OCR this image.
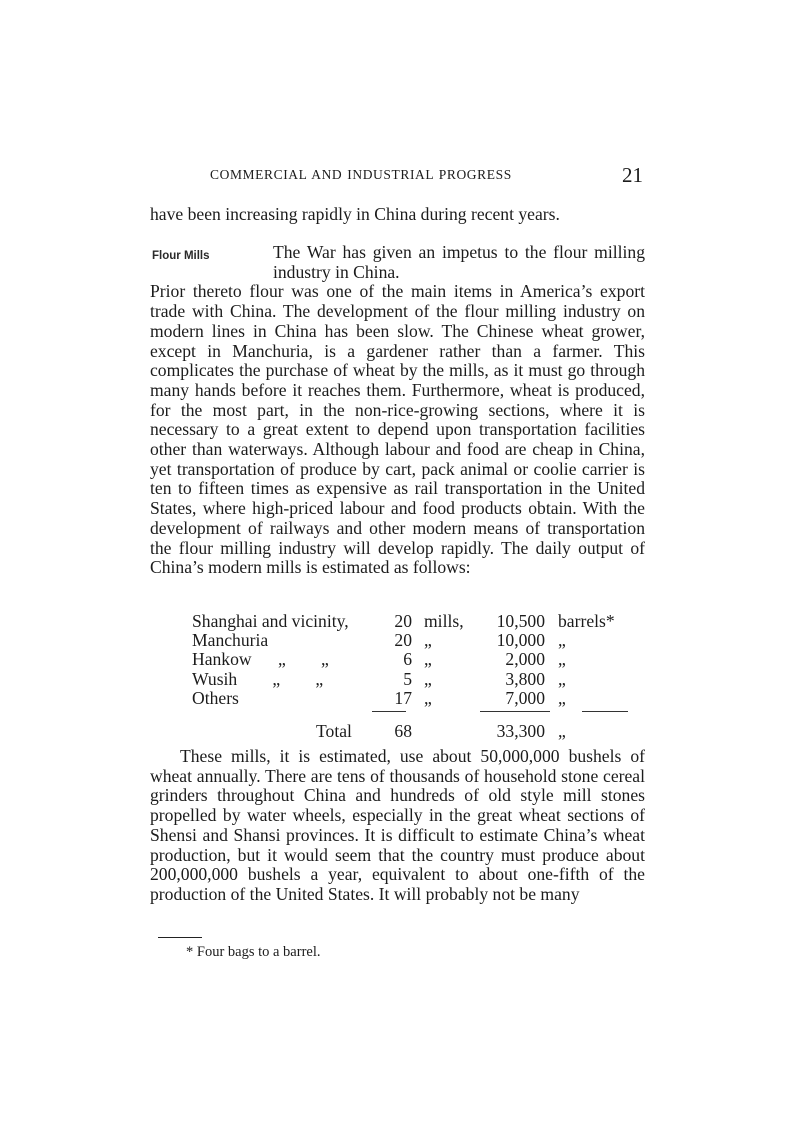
COMMERCIAL AND INDUSTRIAL PROGRESS	21

have been increasing rapidly in China during recent years.

Flour Mills	The War has given an impetus to the flour milling industry in China.
Prior thereto flour was one of the main items in America’s export trade with China. The development of the flour milling industry on modern lines in China has been slow. The Chinese wheat grower, except in Manchuria, is a gardener rather than a farmer. This complicates the purchase of wheat by the mills, as it must go through many hands before it reaches them. Furthermore, wheat is produced, for the most part, in the non-rice-growing sections, where it is necessary to a great extent to depend upon transportation facilities other than waterways. Although labour and food are cheap in China, yet transportation of produce by cart, pack animal or coolie carrier is ten to fifteen times as expensive as rail transportation in the United States, where high-priced labour and food products obtain. With the development of railways and other modern means of transportation the flour milling industry will develop rapidly. The daily output of China’s modern mills is estimated as follows:

Shanghai and vicinity,	20 mills,	10,500 barrels*
Manchuria	20 „	10,000 „
Hankow      „        „	6 „	2,000 „
Wusih        „        „	5 „	3,800 „
Others	17 „	7,000 „
Total	68	33,300 „

These mills, it is estimated, use about 50,000,000 bushels of wheat annually. There are tens of thousands of household stone cereal grinders throughout China and hundreds of old style mill stones propelled by water wheels, especially in the great wheat sections of Shensi and Shansi provinces. It is difficult to estimate China’s wheat production, but it would seem that the country must produce about 200,000,000 bushels a year, equivalent to about one-fifth of the production of the United States. It will probably not be many

* Four bags to a barrel.
